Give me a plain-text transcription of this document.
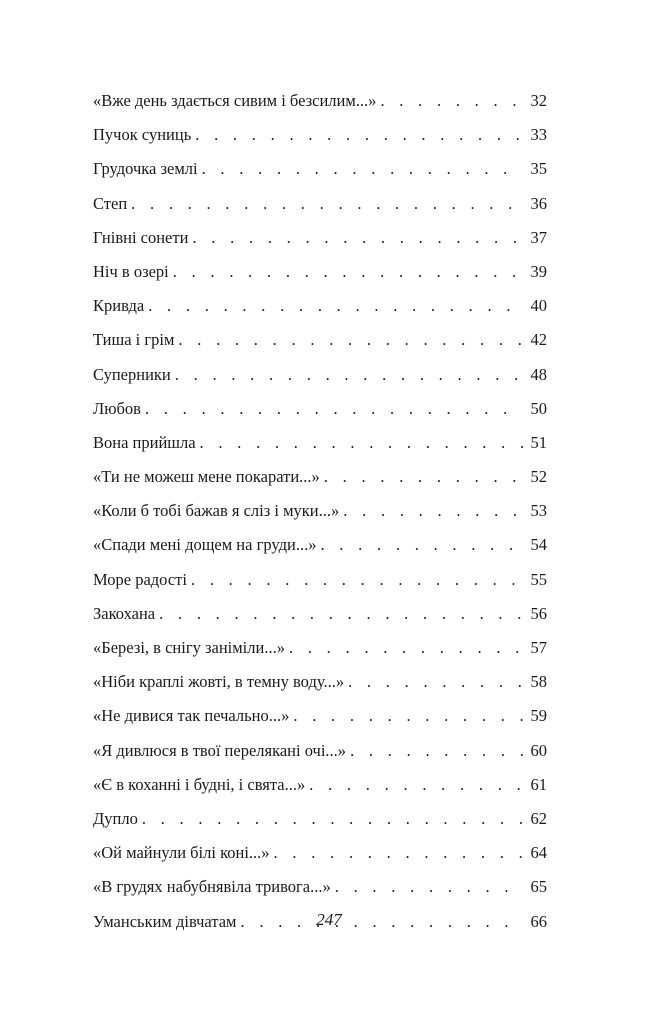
«Вже день здається сивим і безсилим...» . . .	32
Пучок суниць . . .	33
Грудочка землі . . .	35
Степ . . .	36
Гнівні сонети . . .	37
Ніч в озері . . .	39
Кривда . . .	40
Тиша і грім . . .	42
Суперники . . .	48
Любов . . .	50
Вона прийшла . . .	51
«Ти не можеш мене покарати...» . . .	52
«Коли б тобі бажав я сліз і муки...» . . .	53
«Спади мені дощем на груди...» . . .	54
Море радості . . .	55
Закохана . . .	56
«Березі, в снігу заніміли...» . . .	57
«Ніби краплі жовті, в темну воду...» . . .	58
«Не дивися так печально...» . . .	59
«Я дивлюся в твої перелякані очі...» . . .	60
«Є в коханні і будні, і свята...» . . .	61
Дупло . . .	62
«Ой майнули білі коні...» . . .	64
«В грудях набубнявіла тривога...» . . .	65
Уманським дівчатам . . .	66
247
